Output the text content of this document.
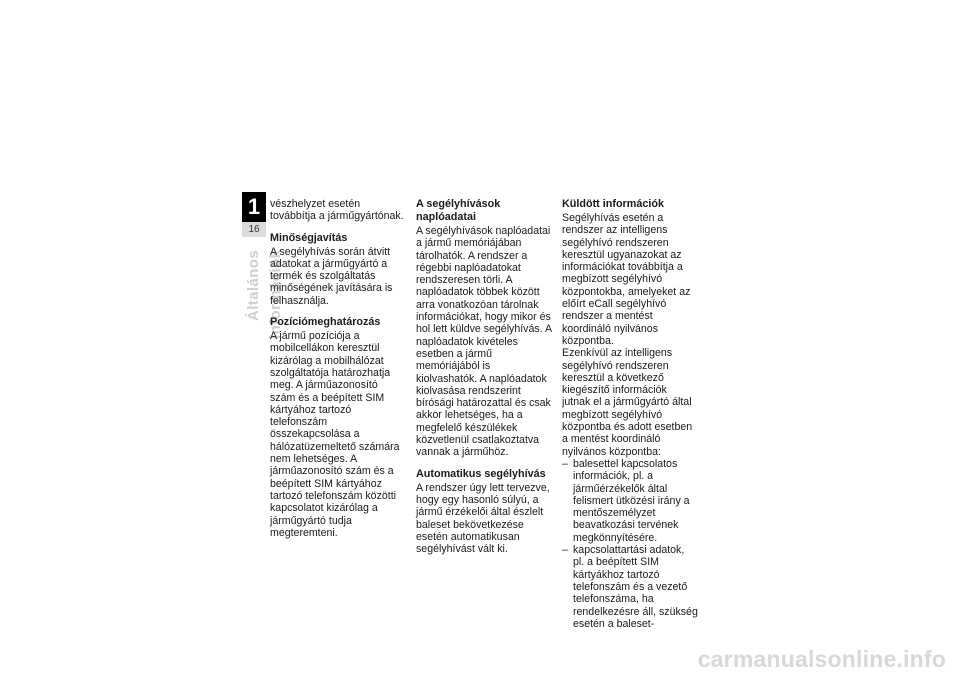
1
16
Általános információk

vészhelyzet esetén továbbítja a járműgyártónak.

Minőségjavítás

A segélyhívás során átvitt adatokat a járműgyártó a termék és szolgáltatás minőségének javítására is felhasználja.

Pozíciómeghatározás

A jármű pozíciója a mobilcellákon keresztül kizárólag a mobilhálózat szolgáltatója határozhatja meg. A járműazonosító szám és a beépített SIM kártyához tartozó telefonszám összekapcsolása a hálózatüzemeltető számára nem lehetséges. A járműazonosító szám és a beépített SIM kártyához tartozó telefonszám közötti kapcsolatot kizárólag a járműgyártó tudja megteremteni.

A segélyhívások naplóadatai

A segélyhívások naplóadatai a jármű memóriájában tárolhatók. A rendszer a régebbi naplóadatokat rendszeresen törli. A naplóadatok többek között arra vonatkozóan tárolnak információkat, hogy mikor és hol lett küldve segélyhívás. A naplóadatok kivételes esetben a jármű memóriájából is kiolvashatók. A naplóadatok kiolvasása rendszerint bírósági határozattal és csak akkor lehetséges, ha a megfelelő készülékek közvetlenül csatlakoztatva vannak a járműhöz.

Automatikus segélyhívás

A rendszer úgy lett tervezve, hogy egy hasonló súlyú, a jármű érzékelői által észlelt baleset bekövetkezése esetén automatikusan segélyhívást vált ki.

Küldött információk

Segélyhívás esetén a rendszer az intelligens segélyhívó rendszeren keresztül ugyanazokat az információkat továbbítja a megbízott segélyhívó központokba, amelyeket az előírt eCall segélyhívó rendszer a mentést koordináló nyilvános központba.

Ezenkívül az intelligens segélyhívó rendszeren keresztül a következő kiegészítő információk jutnak el a járműgyártó által megbízott segélyhívó központba és adott esetben a mentést koordináló nyilvános központba:

– balesettel kapcsolatos információk, pl. a járműérzékelők által felismert ütközési irány a mentőszemélyzet beavatkozási tervének megkönnyítésére.
– kapcsolattartási adatok, pl. a beépített SIM kártyákhoz tartozó telefonszám és a vezető telefonszáma, ha rendelkezésre áll, szükség esetén a baleset-
carmanualsonline.info
